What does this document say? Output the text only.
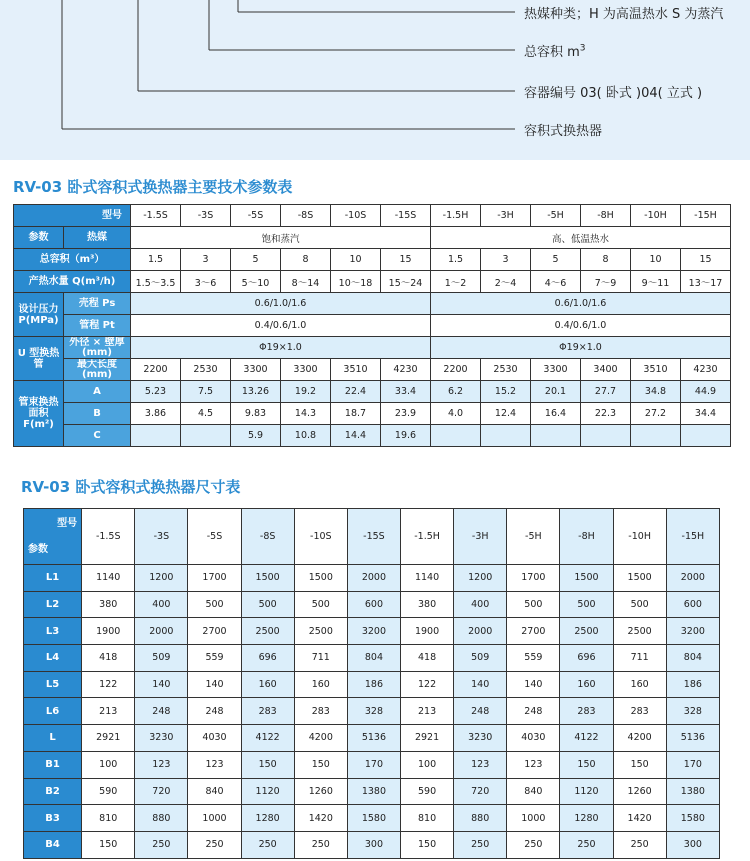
热媒种类；H 为高温热水 S 为蒸汽
总容积 $m^3$
容器编号 03( 卧式 )04( 立式 )
容积式换热器
RV-03 卧式容积式换热器主要技术参数表
型号		-1.5S	-3S	-5S	-8S	-10S	-15S	-1.5H	-3H	-5H	-8H	-10H	-15H
参数	热媒	饱和蒸汽						高、低温热水					
总容积（m³）		1.5	3	5	8	10	15	1.5	3	5	8	10	15
产热水量 Q(m³/h)		1.5～3.5	3～6	5～10	8～14	10～18	15～24	1～2	2～4	4～6	7～9	9～11	13～17
设计压力 P(MPa)	壳程 Ps	0.6/1.0/1.6						0.6/1.0/1.6					
	管程 Pt	0.4/0.6/1.0						0.4/0.6/1.0					
U 型换热管	外径 × 壁厚(mm)	Φ19×1.0						Φ19×1.0					
	最大长度(mm)	2200	2530	3300	3300	3510	4230	2200	2530	3300	3400	3510	4230
管束换热面积 F(m²)	A	5.23	7.5	13.26	19.2	22.4	33.4	6.2	15.2	20.1	27.7	34.8	44.9
	B	3.86	4.5	9.83	14.3	18.7	23.9	4.0	12.4	16.4	22.3	27.2	34.4
	C			5.9	10.8	14.4	19.6						
RV-03 卧式容积式换热器尺寸表
型号
参数	-1.5S	-3S	-5S	-8S	-10S	-15S	-1.5H	-3H	-5H	-8H	-10H	-15H
L1	1140	1200	1700	1500	1500	2000	1140	1200	1700	1500	1500	2000
L2	380	400	500	500	500	600	380	400	500	500	500	600
L3	1900	2000	2700	2500	2500	3200	1900	2000	2700	2500	2500	3200
L4	418	509	559	696	711	804	418	509	559	696	711	804
L5	122	140	140	160	160	186	122	140	140	160	160	186
L6	213	248	248	283	283	328	213	248	248	283	283	328
L	2921	3230	4030	4122	4200	5136	2921	3230	4030	4122	4200	5136
B1	100	123	123	150	150	170	100	123	123	150	150	170
B2	590	720	840	1120	1260	1380	590	720	840	1120	1260	1380
B3	810	880	1000	1280	1420	1580	810	880	1000	1280	1420	1580
B4	150	250	250	250	250	300	150	250	250	250	250	300
